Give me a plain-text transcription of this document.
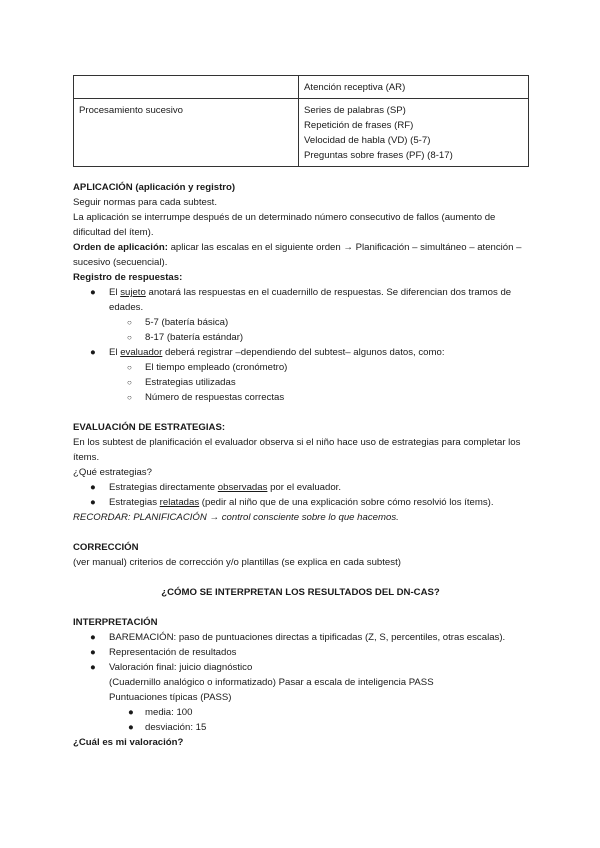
	Atención receptiva (AR)

Procesamiento sucesivo	Series de palabras (SP)
Repetición de frases (RF)
Velocidad de habla (VD) (5-7)
Preguntas sobre frases (PF) (8-17)

APLICACIÓN (aplicación y registro)

Seguir normas para cada subtest.

La aplicación se interrumpe después de un determinado número consecutivo de fallos (aumento de dificultad del ítem).

Orden de aplicación: aplicar las escalas en el siguiente orden → Planificación – simultáneo – atención – sucesivo (secuencial).

Registro de respuestas:

● El sujeto anotará las respuestas en el cuadernillo de respuestas. Se diferencian dos tramos de edades.
○ 5-7 (batería básica)
○ 8-17 (batería estándar)
● El evaluador deberá registrar –dependiendo del subtest– algunos datos, como:
○ El tiempo empleado (cronómetro)
○ Estrategias utilizadas
○ Número de respuestas correctas

EVALUACIÓN DE ESTRATEGIAS:

En los subtest de planificación el evaluador observa si el niño hace uso de estrategias para completar los ítems.

¿Qué estrategias?

● Estrategias directamente observadas por el evaluador.
● Estrategias relatadas (pedir al niño que de una explicación sobre cómo resolvió los ítems).

RECORDAR: PLANIFICACIÓN → control consciente sobre lo que hacemos.

CORRECCIÓN

(ver manual) criterios de corrección y/o plantillas (se explica en cada subtest)

¿CÓMO SE INTERPRETAN LOS RESULTADOS DEL DN-CAS?

INTERPRETACIÓN

● BAREMACIÓN: paso de puntuaciones directas a tipificadas (Z, S, percentiles, otras escalas).
● Representación de resultados
● Valoración final: juicio diagnóstico

(Cuadernillo analógico o informatizado) Pasar a escala de inteligencia PASS

Puntuaciones típicas (PASS)

● media: 100
● desviación: 15

¿Cuál es mi valoración?
